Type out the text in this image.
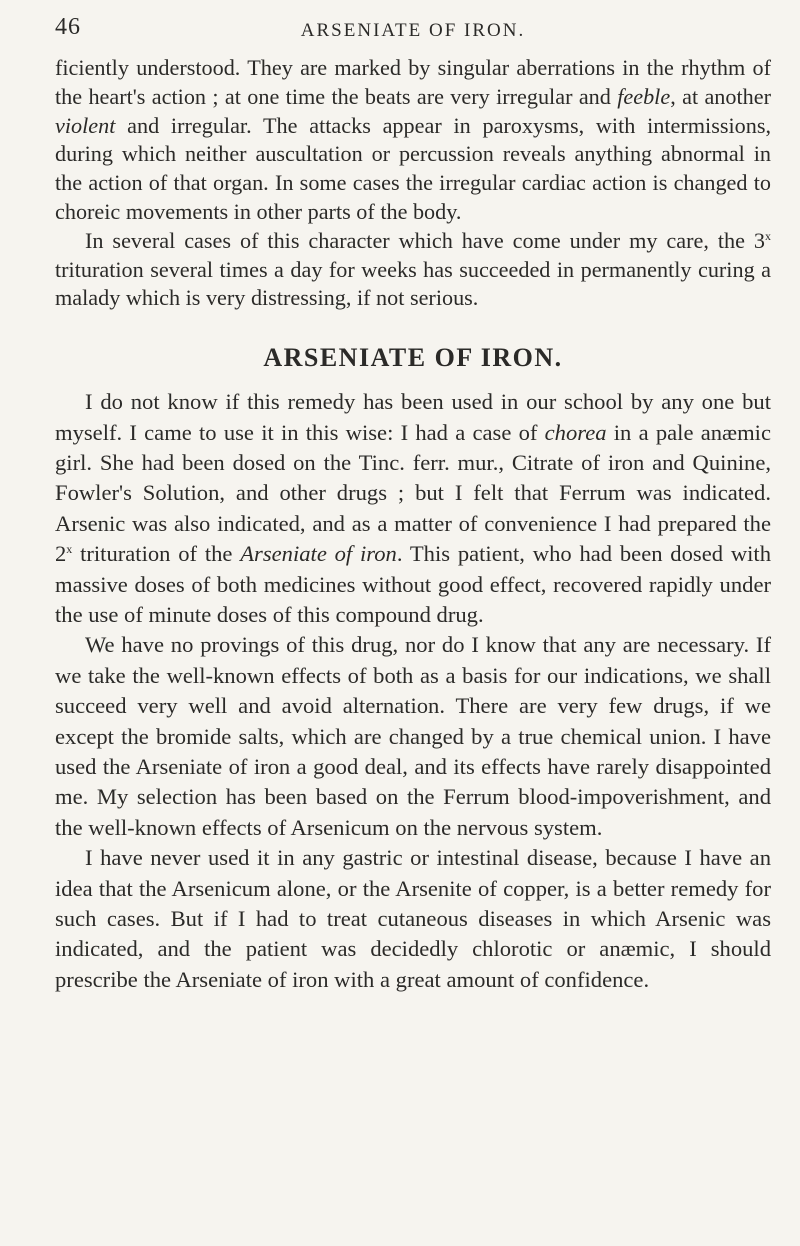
46	ARSENIATE OF IRON.

ficiently understood. They are marked by singular aberrations in the rhythm of the heart's action ; at one time the beats are very irregular and feeble, at another violent and irregular. The attacks appear in paroxysms, with intermissions, during which neither auscultation or percussion reveals anything abnormal in the action of that organ. In some cases the irregular cardiac action is changed to choreic movements in other parts of the body.

In several cases of this character which have come under my care, the 3$^x$ trituration several times a day for weeks has succeeded in permanently curing a malady which is very distressing, if not serious.

ARSENIATE OF IRON.

I do not know if this remedy has been used in our school by any one but myself. I came to use it in this wise: I had a case of chorea in a pale anæmic girl. She had been dosed on the Tinc. ferr. mur., Citrate of iron and Quinine, Fowler's Solution, and other drugs ; but I felt that Ferrum was indicated. Arsenic was also indicated, and as a matter of convenience I had prepared the 2$^x$ trituration of the Arseniate of iron. This patient, who had been dosed with massive doses of both medicines without good effect, recovered rapidly under the use of minute doses of this compound drug.

We have no provings of this drug, nor do I know that any are necessary. If we take the well-known effects of both as a basis for our indications, we shall succeed very well and avoid alternation. There are very few drugs, if we except the bromide salts, which are changed by a true chemical union. I have used the Arseniate of iron a good deal, and its effects have rarely disappointed me. My selection has been based on the Ferrum blood-impoverishment, and the well-known effects of Arsenicum on the nervous system.

I have never used it in any gastric or intestinal disease, because I have an idea that the Arsenicum alone, or the Arsenite of copper, is a better remedy for such cases. But if I had to treat cutaneous diseases in which Arsenic was indicated, and the patient was decidedly chlorotic or anæmic, I should prescribe the Arseniate of iron with a great amount of confidence.
